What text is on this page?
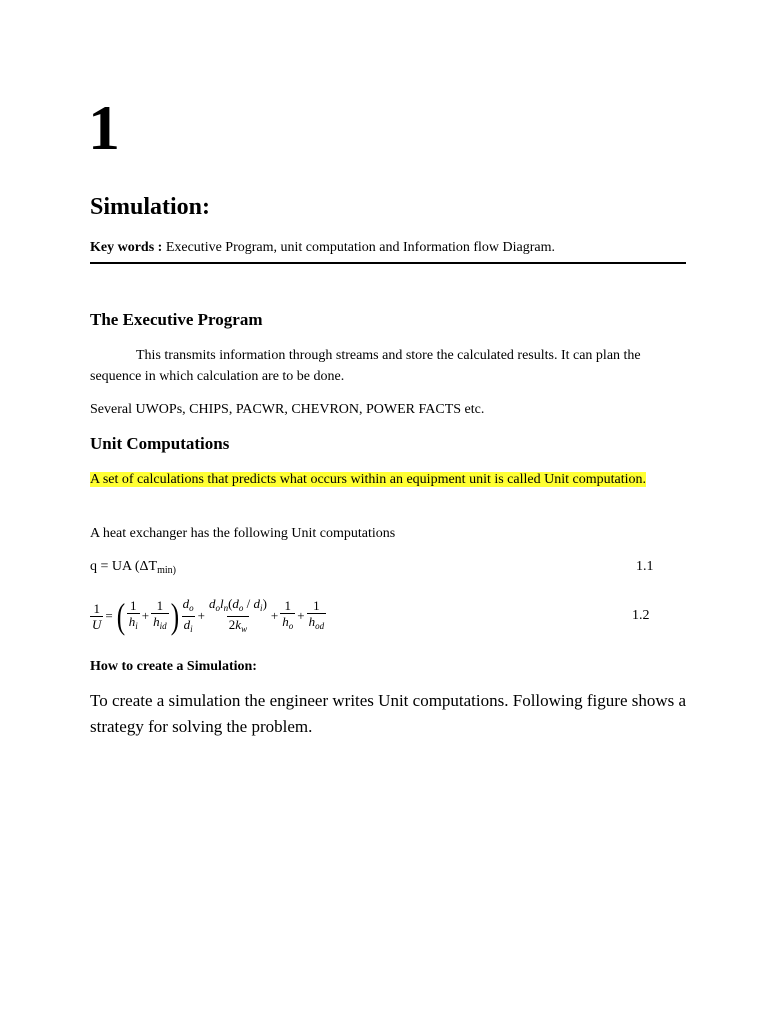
1
Simulation:
Key words : Executive Program, unit computation and Information flow Diagram.
The Executive Program
This transmits information through streams and store the calculated results. It can plan the sequence in which calculation are to be done.
Several UWOPs, CHIPS, PACWR, CHEVRON, POWER FACTS etc.
Unit Computations
A set of calculations that predicts what occurs within an equipment unit is called Unit computation.
A heat exchanger has the following Unit computations
q = UA ($\Delta T_{min)}$	1.1
$\frac{1}{U}$ = ( $\frac{1}{h_i} + \frac{1}{h_{id}}$ ) $\frac{d_o}{d_i} + \frac{d_ol_n(d_o / d_i)}{2k_w} + \frac{1}{h_o} + \frac{1}{h_{od}}$	1.2
How to create a Simulation:
To create a simulation the engineer writes Unit computations. Following figure shows a strategy for solving the problem.
